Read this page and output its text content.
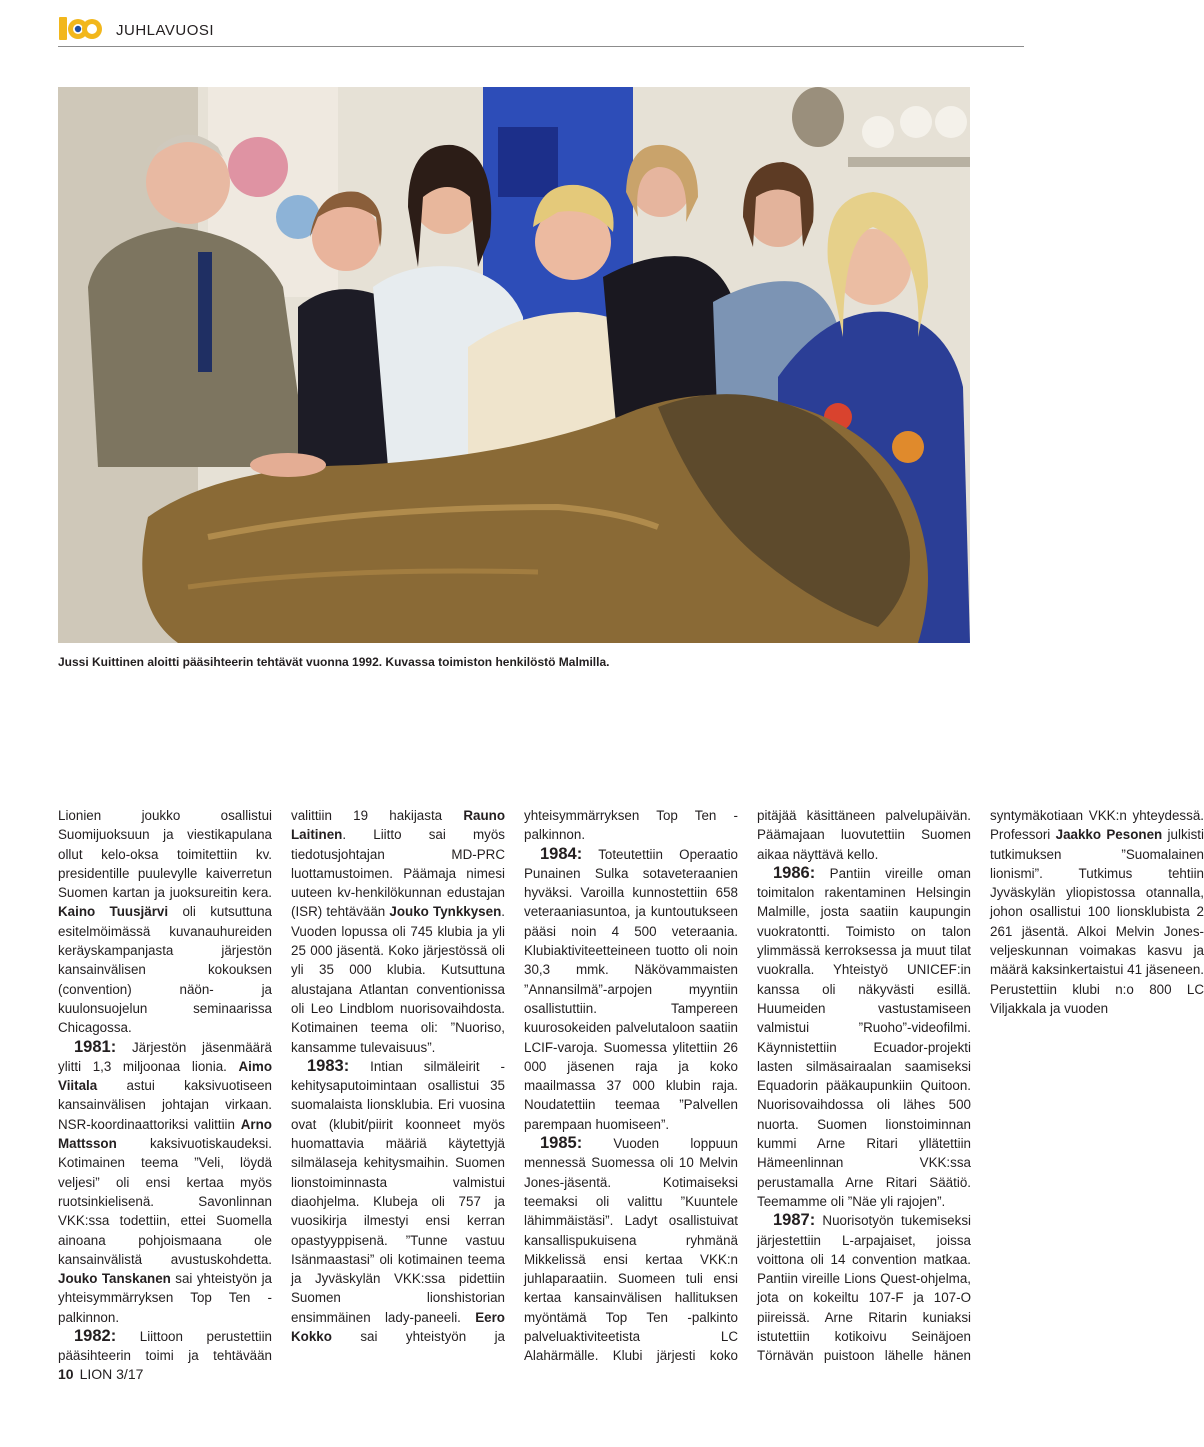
JUHLAVUOSI
Jussi Kuittinen aloitti pääsihteerin tehtävät vuonna 1992. Kuvassa toimiston henkilöstö Malmilla.

Lionien joukko osallistui Suomijuoksuun ja viestikapulana ollut kelo-oksa toimitettiin kv. presidentille puulevylle kaiverretun Suomen kartan ja juoksureitin kera. Kaino Tuusjärvi oli kutsuttuna esitelmöimässä kuvanauhureiden keräyskampanjasta järjestön kansainvälisen kokouksen (convention) näön- ja kuulonsuojelun seminaarissa Chicagossa.

1981: Järjestön jäsenmäärä ylitti 1,3 miljoonaa lionia. Aimo Viitala astui kaksivuotiseen kansainvälisen johtajan virkaan. NSR-koordinaattoriksi valittiin Arno Mattsson kaksivuotiskaudeksi. Kotimainen teema ”Veli, löydä veljesi” oli ensi kertaa myös ruotsinkielisenä. Savonlinnan VKK:ssa todettiin, ettei Suomella ainoana pohjoismaana ole kansainvälistä avustuskohdetta. Jouko Tanskanen sai yhteistyön ja yhteisymmärryksen Top Ten -palkinnon.

1982: Liittoon perustettiin pääsihteerin toimi ja tehtävään valittiin 19 hakijasta Rauno Laitinen. Liitto sai myös tiedotusjohtajan MD-PRC luottamustoimen. Päämaja nimesi uuteen kv-henkilökunnan edustajan (ISR) tehtävään Jouko Tynkkysen. Vuoden lopussa oli 745 klubia ja yli 25 000 jäsentä. Koko järjestössä oli yli 35 000 klubia. Kutsuttuna alustajana Atlantan conventionissa oli Leo Lindblom nuorisovaihdosta. Kotimainen teema oli: ”Nuoriso, kansamme tulevaisuus”.

1983: Intian silmäleirit -kehitysaputoimintaan osallistui 35 suomalaista lionsklubia. Eri vuosina ovat (klubit/piirit koonneet myös huomattavia määriä käytettyjä silmälaseja kehitysmaihin. Suomen lionstoiminnasta valmistui diaohjelma. Klubeja oli 757 ja vuosikirja ilmestyi ensi kerran opastyyppisenä. ”Tunne vastuu Isänmaastasi” oli kotimainen teema ja Jyväskylän VKK:ssa pidettiin Suomen lionshistorian ensimmäinen lady-paneeli. Eero Kokko sai yhteistyön ja yhteisymmärryksen Top Ten -palkinnon.

1984: Toteutettiin Operaatio Punainen Sulka sotaveteraanien hyväksi. Varoilla kunnostettiin 658 veteraaniasuntoa, ja kuntoutukseen pääsi noin 4 500 veteraania. Klubiaktiviteetteineen tuotto oli noin 30,3 mmk. Näkövammaisten ”Annansilmä”-arpojen myyntiin osallistuttiin. Tampereen kuurosokeiden palvelutaloon saatiin LCIF-varoja. Suomessa ylitettiin 26 000 jäsenen raja ja koko maailmassa 37 000 klubin raja. Noudatettiin teemaa ”Palvellen parempaan huomiseen”.

1985: Vuoden loppuun mennessä Suomessa oli 10 Melvin Jones-jäsentä. Kotimaiseksi teemaksi oli valittu ”Kuuntele lähimmäistäsi”. Ladyt osallistuivat kansallispukuisena ryhmänä Mikkelissä ensi kertaa VKK:n juhlaparaatiin. Suomeen tuli ensi kertaa kansainvälisen hallituksen myöntämä Top Ten -palkinto palveluaktiviteetista LC Alahärmälle. Klubi järjesti koko pitäjää käsittäneen palvelupäivän. Päämajaan luovutettiin Suomen aikaa näyttävä kello.

1986: Pantiin vireille oman toimitalon rakentaminen Helsingin Malmille, josta saatiin kaupungin vuokratontti. Toimisto on talon ylimmässä kerroksessa ja muut tilat vuokralla. Yhteistyö UNICEF:in kanssa oli näkyvästi esillä. Huumeiden vastustamiseen valmistui ”Ruoho”-videofilmi. Käynnistettiin Ecuador-projekti lasten silmäsairaalan saamiseksi Equadorin pääkaupunkiin Quitoon. Nuorisovaihdossa oli lähes 500 nuorta. Suomen lionstoiminnan kummi Arne Ritari yllätettiin Hämeenlinnan VKK:ssa perustamalla Arne Ritari Säätiö. Teemamme oli ”Näe yli rajojen”.

1987: Nuorisotyön tukemiseksi järjestettiin L-arpajaiset, joissa voittona oli 14 convention matkaa. Pantiin vireille Lions Quest-ohjelma, jota on kokeiltu 107-F ja 107-O piireissä. Arne Ritarin kuniaksi istutettiin kotikoivu Seinäjoen Törnävän puistoon lähelle hänen syntymäkotiaan VKK:n yhteydessä. Professori Jaakko Pesonen julkisti tutkimuksen ”Suomalainen lionismi”. Tutkimus tehtiin Jyväskylän yliopistossa otannalla, johon osallistui 100 lionsklubista 2 261 jäsentä. Alkoi Melvin Jones-veljeskunnan voimakas kasvu ja määrä kaksinkertaistui 41 jäseneen. Perustettiin klubi n:o 800 LC Viljakkala ja vuoden

10 LION 3/17
